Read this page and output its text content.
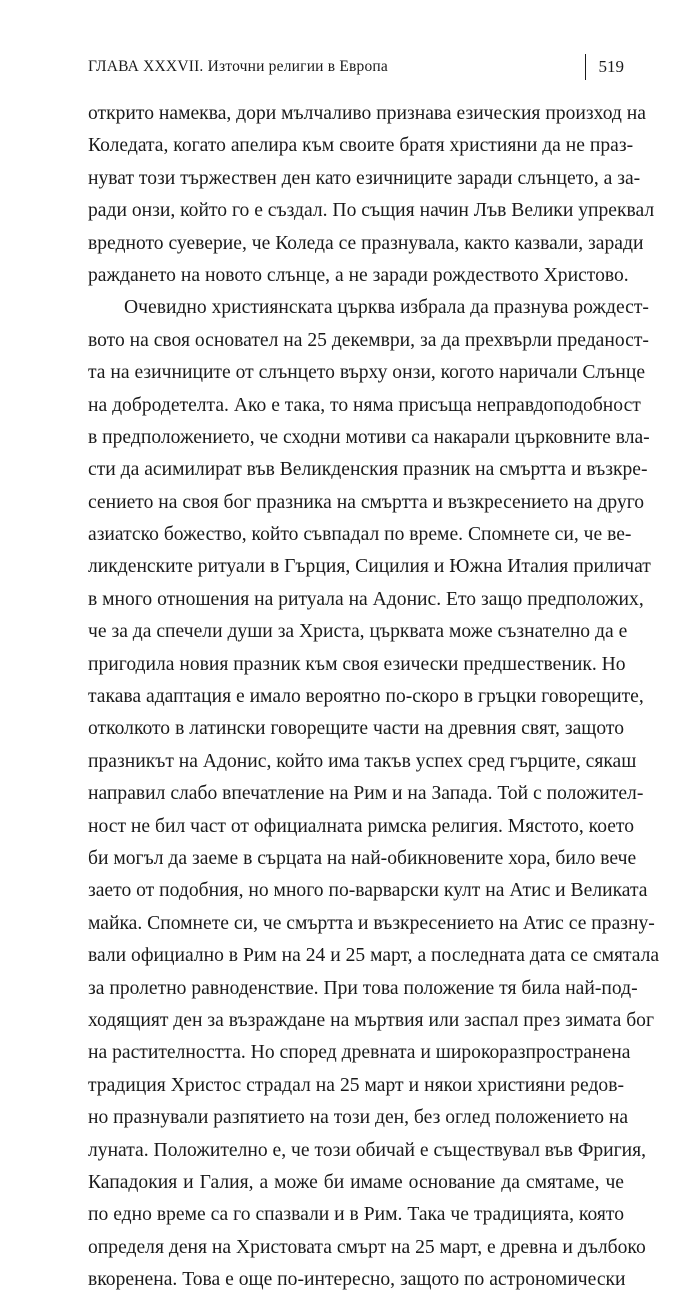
ГЛАВА XXXVII. Източни религии в Европа	519
открито намеква, дори мълчаливо признава езическия произход на
Коледата, когато апелира към своите братя християни да не праз-
нуват този тържествен ден като езичниците заради слънцето, а за-
ради онзи, който го е създал. По същия начин Лъв Велики упреквал
вредното суеверие, че Коледа се празнувала, както казвали, заради
раждането на новото слънце, а не заради рождеството Христово.
Очевидно християнската църква избрала да празнува рождест-
вото на своя основател на 25 декември, за да прехвърли преданост-
та на езичниците от слънцето върху онзи, когото наричали Слънце
на добродетелта. Ако е така, то няма присъща неправдоподобност
в предположението, че сходни мотиви са накарали църковните вла-
сти да асимилират във Великденския празник на смъртта и възкре-
сението на своя бог празника на смъртта и възкресението на друго
азиатско божество, който съвпадал по време. Спомнете си, че ве-
ликденските ритуали в Гърция, Сицилия и Южна Италия приличат
в много отношения на ритуала на Адонис. Ето защо предположих,
че за да спечели души за Христа, църквата може съзнателно да е
пригодила новия празник към своя езически предшественик. Но
такава адаптация е имало вероятно по-скоро в гръцки говорещите,
отколкото в латински говорещите части на древния свят, защото
празникът на Адонис, който има такъв успех сред гърците, сякаш
направил слабо впечатление на Рим и на Запада. Той с положител-
ност не бил част от официалната римска религия. Мястото, което
би могъл да заеме в сърцата на най-обикновените хора, било вече
заето от подобния, но много по-варварски култ на Атис и Великата
майка. Спомнете си, че смъртта и възкресението на Атис се празну-
вали официално в Рим на 24 и 25 март, а последната дата се смятала
за пролетно равноденствие. При това положение тя била най-под-
ходящият ден за възраждане на мъртвия или заспал през зимата бог
на растителността. Но според древната и широкоразпространена
традиция Христос страдал на 25 март и някои християни редов-
но празнували разпятието на този ден, без оглед положението на
луната. Положително е, че този обичай е съществувал във Фригия,
Кападокия и Галия, а може би имаме основание да смятаме, че
по едно време са го спазвали и в Рим. Така че традицията, която
определя деня на Христовата смърт на 25 март, е древна и дълбоко
вкоренена. Това е още по-интересно, защото по астрономически
